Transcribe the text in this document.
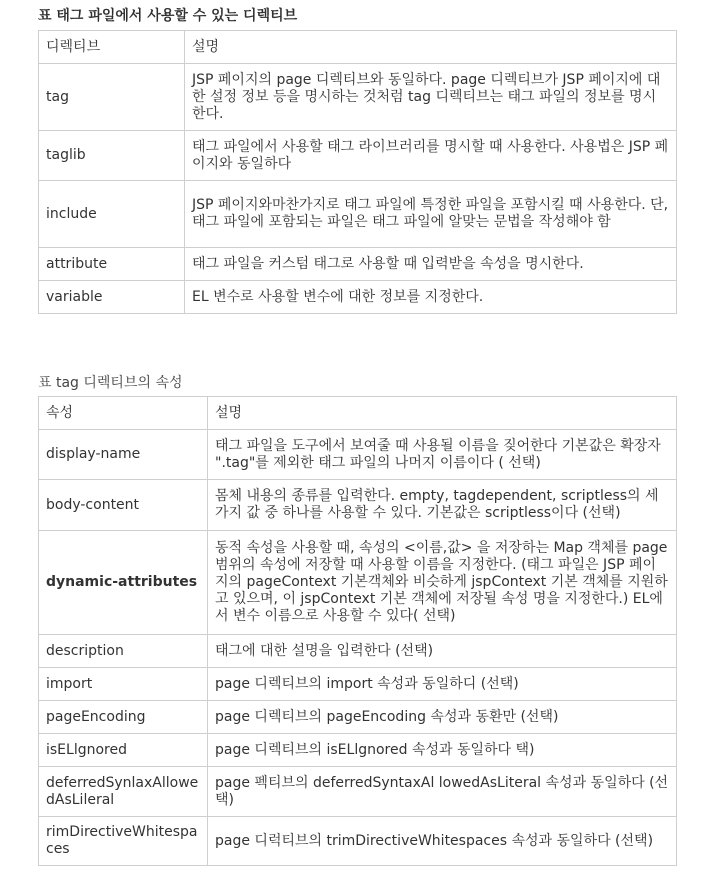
표 태그 파일에서 사용할 수 있는 디렉티브
디렉티브	설명
tag	JSP 페이지의 page 디렉티브와 동일하다. page 디렉티브가 JSP 페이지에 대한 설정 정보 등을 명시하는 것처럼 tag 디렉티브는 태그 파일의 정보를 명시한다.
taglib	태그 파일에서 사용할 태그 라이브러리를 명시할 때 사용한다. 사용법은 JSP 페이지와 동일하다
include	JSP 페이지와마찬가지로 태그 파일에 특정한 파일을 포함시킬 때 사용한다. 단, 태그 파일에 포함되는 파일은 태그 파일에 알맞는 문법을 작성해야 함
attribute	태그 파일을 커스텀 태그로 사용할 때 입력받을 속성을 명시한다.
variable	EL 변수로 사용할 변수에 대한 정보를 지정한다.
표 tag 디렉티브의 속성
속성	설명
display-name	태그 파일을 도구에서 보여줄 때 사용될 이름을 짖어한다 기본값은 확장자 ".tag"를 제외한 태그 파일의 나머지 이름이다 ( 선택)
body-content	몸체 내용의 종류를 입력한다. empty, tagdependent, scriptless의 세 가지 값 중 하나를 사용할 수 있다. 기본값은 scriptless이다 (선택)
dynamic-attributes	동적 속성을 사용할 때, 속성의 <이름,값> 을 저장하는 Map 객체를 page 범위의 속성에 저장할 때 사용할 이름을 지정한다. (태그 파일은 JSP 페이지의 pageContext 기본객체와 비슷하게 jspContext 기본 객체를 지원하고 있으며, 이 jspContext 기본 객체에 저장될 속성 명을 지정한다.) EL에서 변수 이름으로 사용할 수 있다( 선택)
description	태그에 대한 설명을 입력한다 (선택)
import	page 디렉티브의 import 속성과 동일하디 (선택)
pageEncoding	page 디렉티브의 pageEncoding 속성과 동환만 (선택)
isELlgnored	page 디렉티브의 isELlgnored 속성과 동일하다 택)
deferredSynlaxAllowedAsLileral	page 펙티브의 deferredSyntaxAl lowedAsLiteral 속성과 동일하다 (선택)
rimDirectiveWhitespaces	page 디럭티브의 trimDirectiveWhitespaces 속성과 동일하다 (선택)
